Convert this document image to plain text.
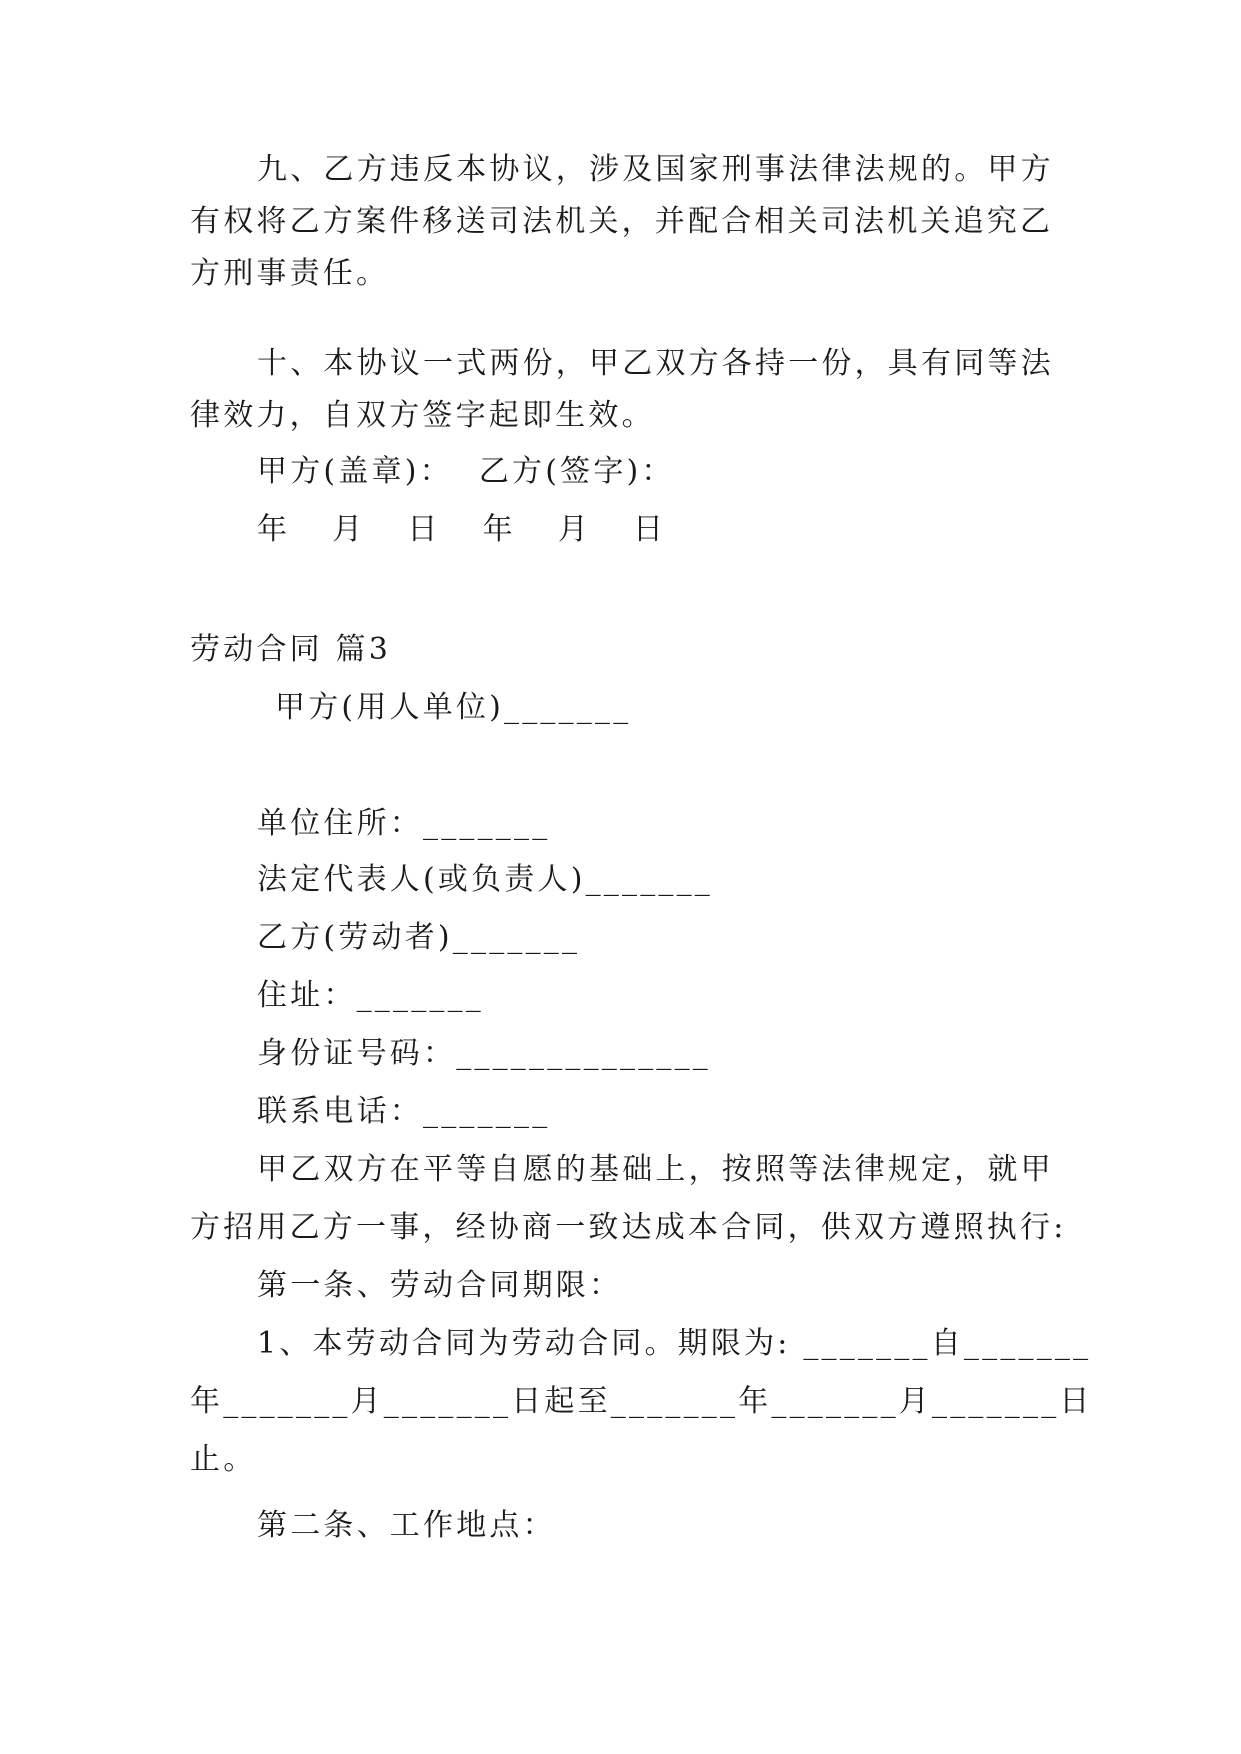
九、乙方违反本协议，涉及国家刑事法律法规的。甲方
有权将乙方案件移送司法机关，并配合相关司法机关追究乙
方刑事责任。
十、本协议一式两份，甲乙双方各持一份，具有同等法
律效力，自双方签字起即生效。
甲方(盖章)： 乙方(签字)：
年 月 日 年 月 日
劳动合同 篇3
甲方(用人单位)_______
单位住所：_______
法定代表人(或负责人)_______
乙方(劳动者)_______
住址：_______
身份证号码：______________
联系电话：_______
甲乙双方在平等自愿的基础上，按照等法律规定，就甲
方招用乙方一事，经协商一致达成本合同，供双方遵照执行:
第一条、劳动合同期限：
1、本劳动合同为劳动合同。期限为: _______自_______
年_______月_______日起至_______年_______月_______日
止。
第二条、工作地点：
